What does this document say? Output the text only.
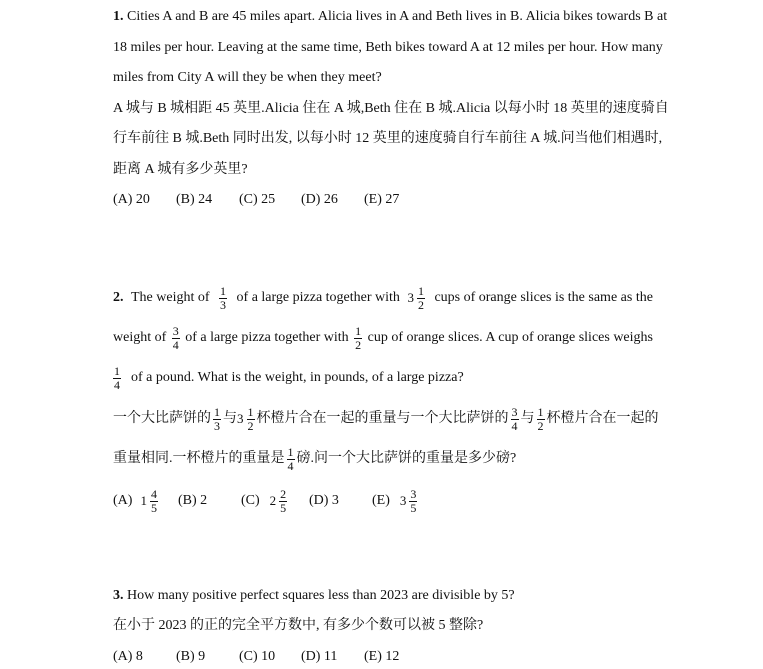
1. Cities A and B are 45 miles apart. Alicia lives in A and Beth lives in B. Alicia bikes towards B at
18 miles per hour. Leaving at the same time, Beth bikes toward A at 12 miles per hour. How many
miles from City A will they be when they meet?
A 城与 B 城相距 45 英里.Alicia 住在 A 城,Beth 住在 B 城.Alicia 以每小时 18 英里的速度骑自
行车前往 B 城.Beth 同时出发, 以每小时 12 英里的速度骑自行车前往 A 城.问当他们相遇时,
距离 A 城有多少英里?
(A) 20 (B) 24 (C) 25 (D) 26 (E) 27
2. The weight of $\frac{1}{3}$ of a large pizza together with $3 \frac{1}{2}$ cups of orange slices is the same as the
weight of $\frac{3}{4}$ of a large pizza together with $\frac{1}{2}$ cup of orange slices. A cup of orange slices weighs
$\frac{1}{4}$ of a pound. What is the weight, in pounds, of a large pizza?
一个大比萨饼的 $\frac{1}{3}$ 与 $3 \frac{1}{2}$ 杯橙片合在一起的重量与一个大比萨饼的 $\frac{3}{4}$ 与 $\frac{1}{2}$ 杯橙片合在一起的
重量相同.一杯橙片的重量是 $\frac{1}{4}$ 磅.问一个大比萨饼的重量是多少磅?
(A) $1 \frac{4}{5} (B)$ 2	(C) $2 \frac{2}{5} (D)$ 3	(E) $3 \frac{3}{5}$
3. How many positive perfect squares less than 2023 are divisible by 5?
在小于 2023 的正的完全平方数中, 有多少个数可以被 5 整除?
(A) 8 (B) 9 (C) 10 (D) 11 (E) 12
